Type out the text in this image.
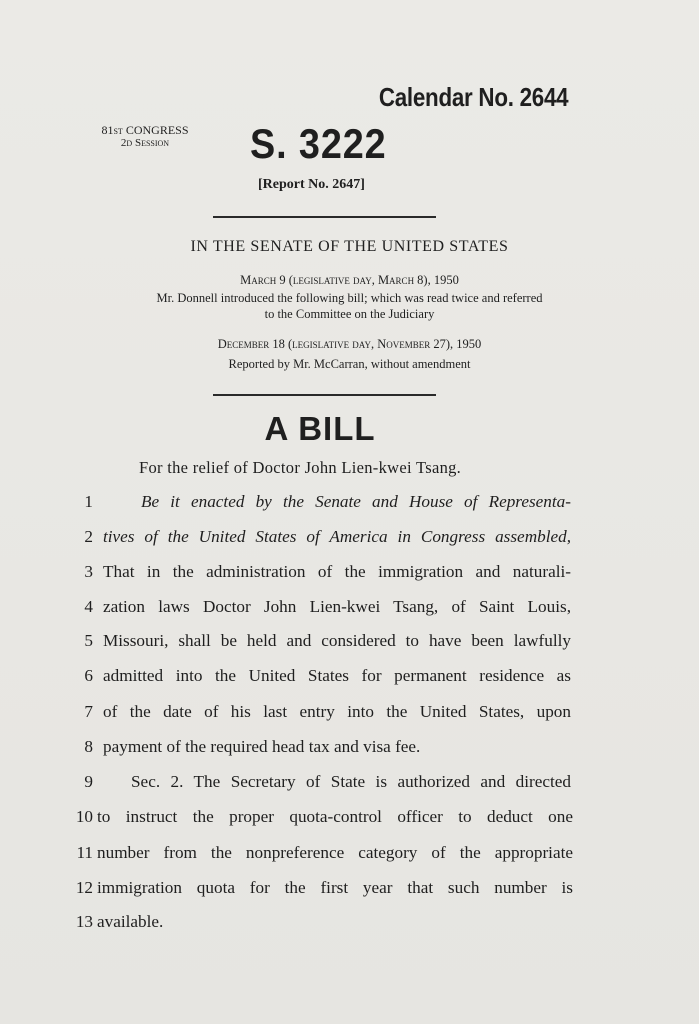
Calendar No. 2644
81st CONGRESS
2d Session	S. 3222
[Report No. 2647]
IN THE SENATE OF THE UNITED STATES
March 9 (legislative day, March 8), 1950
Mr. Donnell introduced the following bill; which was read twice and referred
to the Committee on the Judiciary
December 18 (legislative day, November 27), 1950
Reported by Mr. McCarran, without amendment
A BILL
For the relief of Doctor John Lien-kwei Tsang.
1	Be it enacted by the Senate and House of Representa-
2 tives of the United States of America in Congress assembled,
3 That in the administration of the immigration and naturali-
4 zation laws Doctor John Lien-kwei Tsang, of Saint Louis,
5 Missouri, shall be held and considered to have been lawfully
6 admitted into the United States for permanent residence as
7 of the date of his last entry into the United States, upon
8 payment of the required head tax and visa fee.
9 Sec. 2. The Secretary of State is authorized and directed
10 to instruct the proper quota-control officer to deduct one
11 number from the nonpreference category of the appropriate
12 immigration quota for the first year that such number is
13 available.
